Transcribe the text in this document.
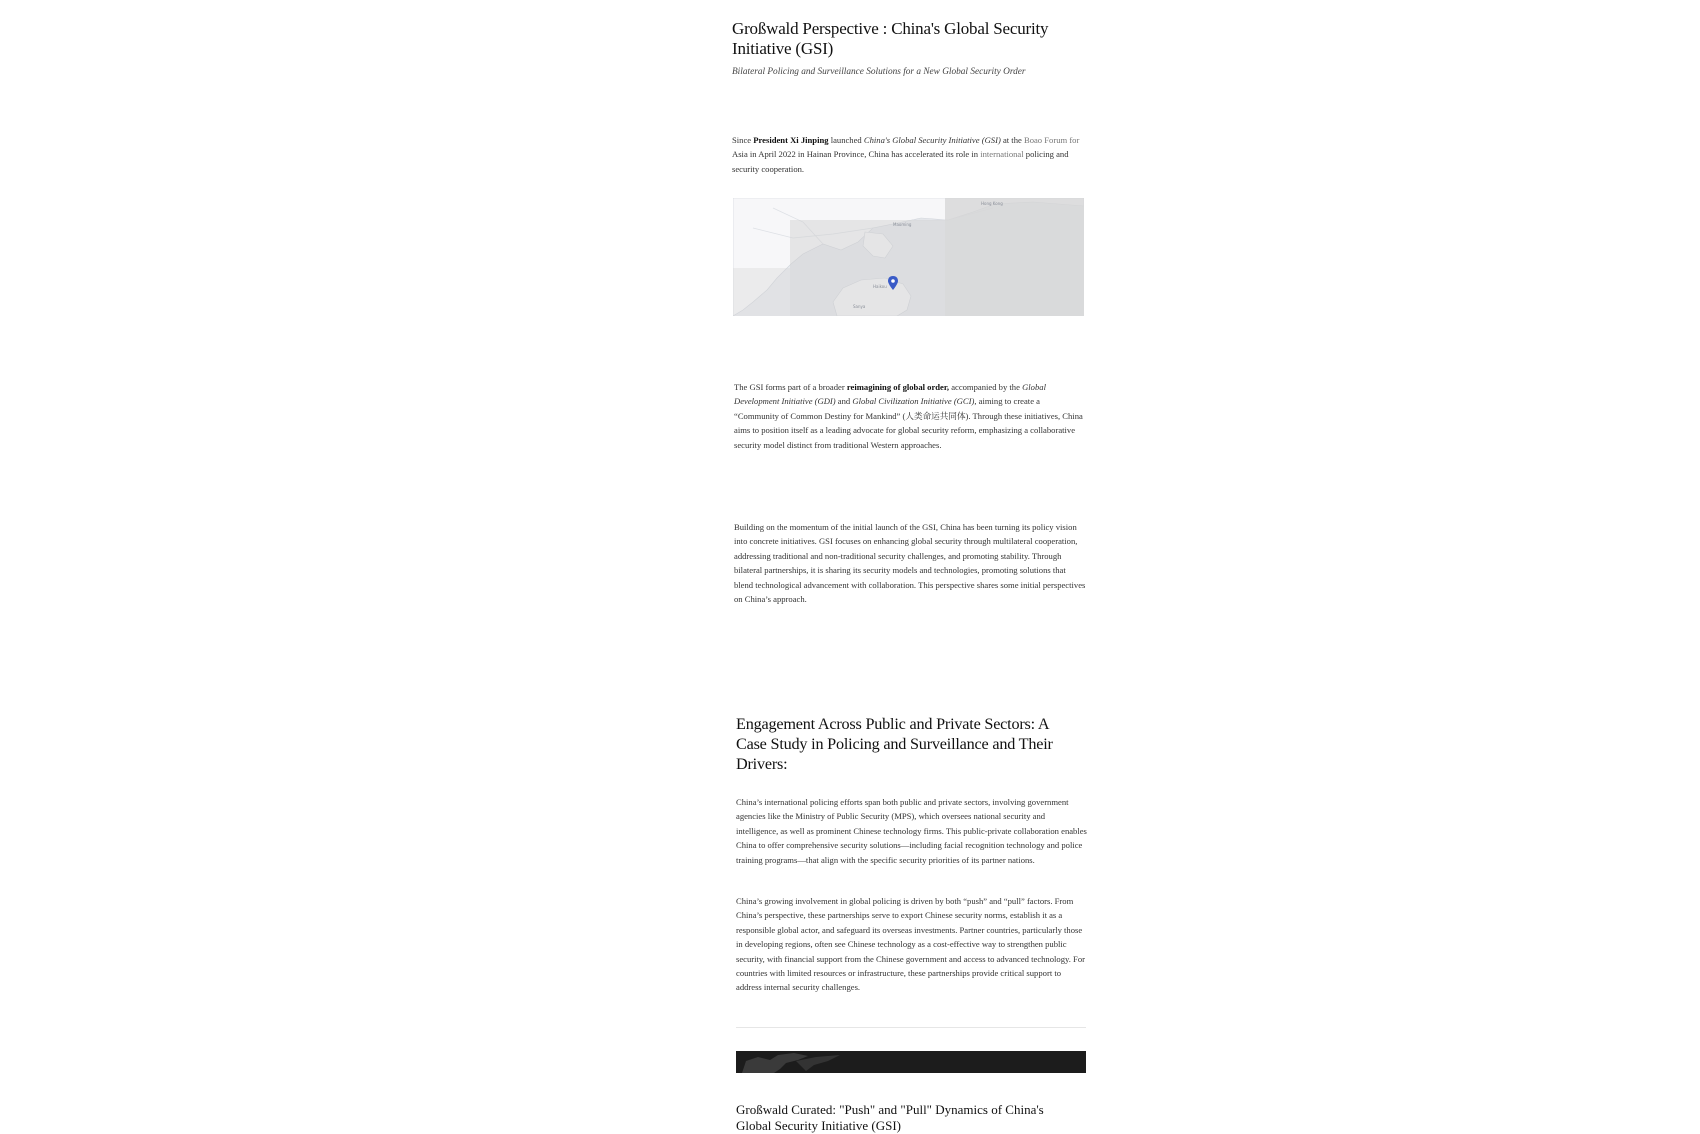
Großwald Perspective : China's Global Security Initiative (GSI)

Bilateral Policing and Surveillance Solutions for a New Global Security Order

Since President Xi Jinping launched China's Global Security Initiative (GSI) at the Boao Forum for Asia in April 2022 in Hainan Province, China has accelerated its role in international policing and security cooperation.

Hong Kong
Maoming
Haikou
Sanya

The GSI forms part of a broader reimagining of global order, accompanied by the Global Development Initiative (GDI) and Global Civilization Initiative (GCI), aiming to create a “Community of Common Destiny for Mankind” (人类命运共同体). Through these initiatives, China aims to position itself as a leading advocate for global security reform, emphasizing a collaborative security model distinct from traditional Western approaches.

Building on the momentum of the initial launch of the GSI, China has been turning its policy vision into concrete initiatives. GSI focuses on enhancing global security through multilateral cooperation, addressing traditional and non-traditional security challenges, and promoting stability. Through bilateral partnerships, it is sharing its security models and technologies, promoting solutions that blend technological advancement with collaboration. This perspective shares some initial perspectives on China’s approach.

Engagement Across Public and Private Sectors: A Case Study in Policing and Surveillance and Their Drivers:

China’s international policing efforts span both public and private sectors, involving government agencies like the Ministry of Public Security (MPS), which oversees national security and intelligence, as well as prominent Chinese technology firms. This public-private collaboration enables China to offer comprehensive security solutions—including facial recognition technology and police training programs—that align with the specific security priorities of its partner nations.

China’s growing involvement in global policing is driven by both “push” and “pull” factors. From China’s perspective, these partnerships serve to export Chinese security norms, establish it as a responsible global actor, and safeguard its overseas investments. Partner countries, particularly those in developing regions, often see Chinese technology as a cost-effective way to strengthen public security, with financial support from the Chinese government and access to advanced technology. For countries with limited resources or infrastructure, these partnerships provide critical support to address internal security challenges.

Großwald Curated: "Push" and "Pull" Dynamics of China's Global Security Initiative (GSI)
